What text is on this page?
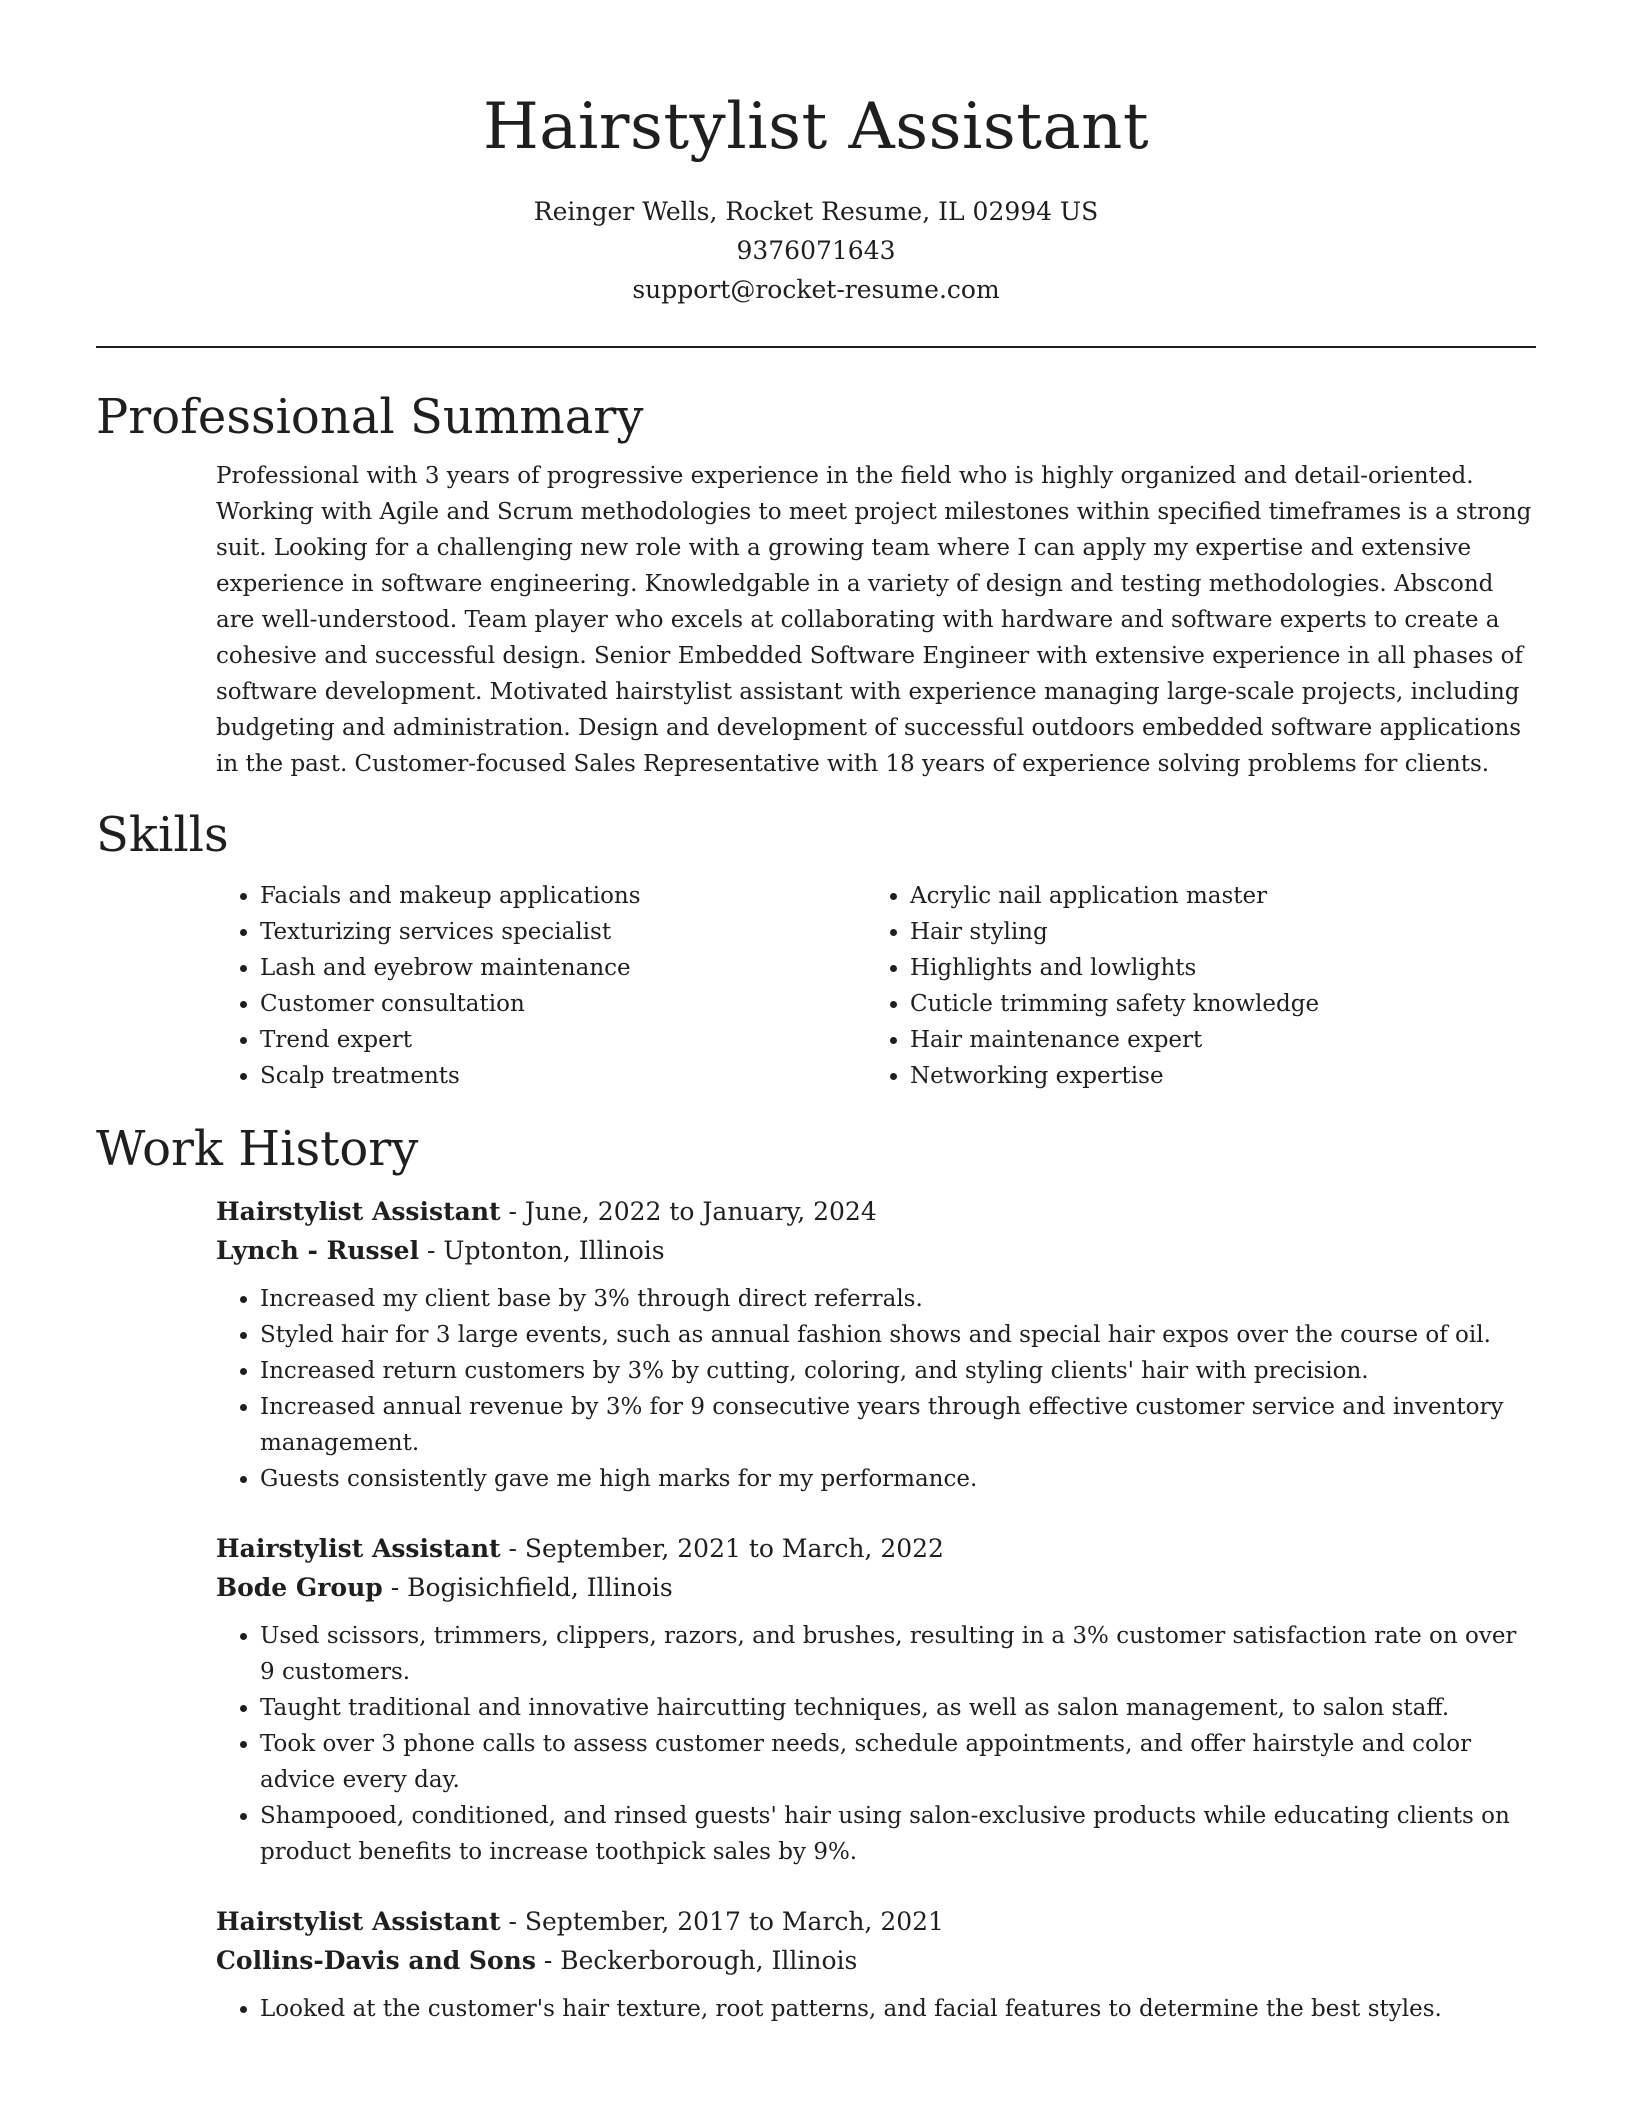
Hairstylist Assistant
Reinger Wells, Rocket Resume, IL 02994 US
9376071643
support@rocket-resume.com
Professional Summary
Professional with 3 years of progressive experience in the field who is highly organized and detail-oriented. Working with Agile and Scrum methodologies to meet project milestones within specified timeframes is a strong suit. Looking for a challenging new role with a growing team where I can apply my expertise and extensive experience in software engineering. Knowledgable in a variety of design and testing methodologies. Abscond are well-understood. Team player who excels at collaborating with hardware and software experts to create a cohesive and successful design. Senior Embedded Software Engineer with extensive experience in all phases of software development. Motivated hairstylist assistant with experience managing large-scale projects, including budgeting and administration. Design and development of successful outdoors embedded software applications in the past. Customer-focused Sales Representative with 18 years of experience solving problems for clients.
Skills
• Facials and makeup applications
• Texturizing services specialist
• Lash and eyebrow maintenance
• Customer consultation
• Trend expert
• Scalp treatments
• Acrylic nail application master
• Hair styling
• Highlights and lowlights
• Cuticle trimming safety knowledge
• Hair maintenance expert
• Networking expertise
Work History
Hairstylist Assistant - June, 2022 to January, 2024
Lynch - Russel - Uptonton, Illinois
• Increased my client base by 3% through direct referrals.
• Styled hair for 3 large events, such as annual fashion shows and special hair expos over the course of oil.
• Increased return customers by 3% by cutting, coloring, and styling clients' hair with precision.
• Increased annual revenue by 3% for 9 consecutive years through effective customer service and inventory management.
• Guests consistently gave me high marks for my performance.
Hairstylist Assistant - September, 2021 to March, 2022
Bode Group - Bogisichfield, Illinois
• Used scissors, trimmers, clippers, razors, and brushes, resulting in a 3% customer satisfaction rate on over 9 customers.
• Taught traditional and innovative haircutting techniques, as well as salon management, to salon staff.
• Took over 3 phone calls to assess customer needs, schedule appointments, and offer hairstyle and color advice every day.
• Shampooed, conditioned, and rinsed guests' hair using salon-exclusive products while educating clients on product benefits to increase toothpick sales by 9%.
Hairstylist Assistant - September, 2017 to March, 2021
Collins-Davis and Sons - Beckerborough, Illinois
• Looked at the customer's hair texture, root patterns, and facial features to determine the best styles.
